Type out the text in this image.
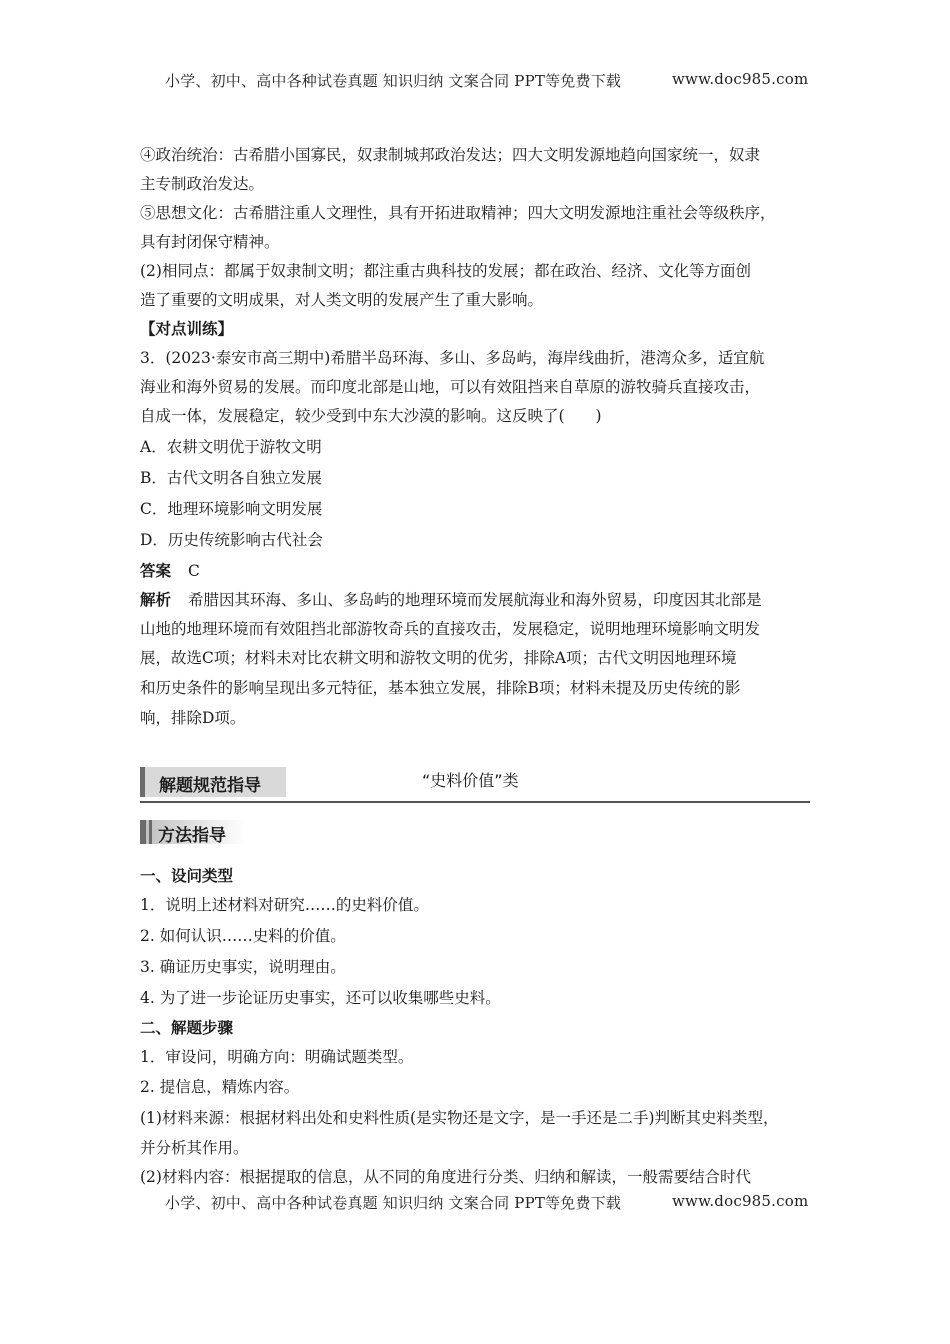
小学、初中、高中各种试卷真题 知识归纳 文案合同 PPT等免费下载	www.doc985.com
④政治统治：古希腊小国寡民，奴隶制城邦政治发达；四大文明发源地趋向国家统一，奴隶
主专制政治发达。
⑤思想文化：古希腊注重人文理性，具有开拓进取精神；四大文明发源地注重社会等级秩序，
具有封闭保守精神。
(2)相同点：都属于奴隶制文明；都注重古典科技的发展；都在政治、经济、文化等方面创
造了重要的文明成果，对人类文明的发展产生了重大影响。
【对点训练】
3．(2023·泰安市高三期中)希腊半岛环海、多山、多岛屿，海岸线曲折，港湾众多，适宜航
海业和海外贸易的发展。而印度北部是山地，可以有效阻挡来自草原的游牧骑兵直接攻击，
自成一体，发展稳定，较少受到中东大沙漠的影响。这反映了(　　)
A．农耕文明优于游牧文明
B．古代文明各自独立发展
C．地理环境影响文明发展
D．历史传统影响古代社会
答案 C
解析 希腊因其环海、多山、多岛屿的地理环境而发展航海业和海外贸易，印度因其北部是
山地的地理环境而有效阻挡北部游牧奇兵的直接攻击，发展稳定，说明地理环境影响文明发
展，故选C项；材料未对比农耕文明和游牧文明的优劣，排除A项；古代文明因地理环境
和历史条件的影响呈现出多元特征，基本独立发展，排除B项；材料未提及历史传统的影
响，排除D项。
解题规范指导	“史料价值”类
方法指导
一、设问类型
1．说明上述材料对研究……的史料价值。
2. 如何认识……史料的价值。
3. 确证历史事实，说明理由。
4. 为了进一步论证历史事实，还可以收集哪些史料。
二、解题步骤
1．审设问，明确方向：明确试题类型。
2. 提信息，精炼内容。
(1)材料来源：根据材料出处和史料性质(是实物还是文字，是一手还是二手)判断其史料类型，
并分析其作用。
(2)材料内容：根据提取的信息，从不同的角度进行分类、归纳和解读，一般需要结合时代
小学、初中、高中各种试卷真题 知识归纳 文案合同 PPT等免费下载	www.doc985.com
